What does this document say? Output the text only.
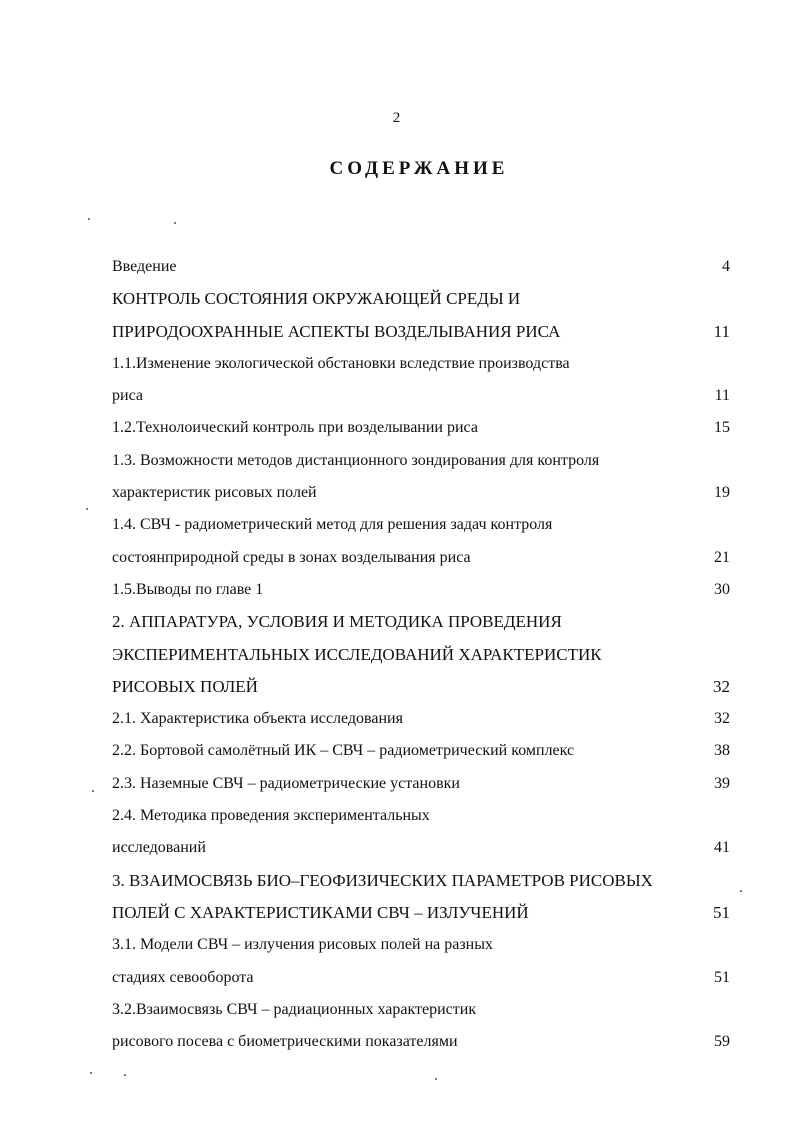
2
СОДЕРЖАНИЕ
Введение	4
КОНТРОЛЬ СОСТОЯНИЯ ОКРУЖАЮЩЕЙ СРЕДЫ И
ПРИРОДООХРАННЫЕ АСПЕКТЫ ВОЗДЕЛЫВАНИЯ РИСА	11
1.1.Изменение экологической обстановки вследствие производства
риса	11
1.2.Технолоический контроль при возделывании риса	15
1.3. Возможности методов дистанционного зондирования для контроля
характеристик рисовых полей	19
1.4. СВЧ - радиометрический метод для решения задач контроля
состоянприродной среды в зонах возделывания риса	21
1.5.Выводы по главе 1	30
2. АППАРАТУРА, УСЛОВИЯ И МЕТОДИКА ПРОВЕДЕНИЯ
ЭКСПЕРИМЕНТАЛЬНЫХ ИССЛЕДОВАНИЙ ХАРАКТЕРИСТИК
РИСОВЫХ ПОЛЕЙ	32
2.1. Характеристика объекта исследования	32
2.2. Бортовой самолётный ИК – СВЧ – радиометрический комплекс	38
2.3. Наземные СВЧ – радиометрические установки	39
2.4. Методика проведения экспериментальных
исследований	41
3. ВЗАИМОСВЯЗЬ БИО–ГЕОФИЗИЧЕСКИХ ПАРАМЕТРОВ РИСОВЫХ
ПОЛЕЙ С ХАРАКТЕРИСТИКАМИ СВЧ – ИЗЛУЧЕНИЙ	51
3.1. Модели СВЧ – излучения рисовых полей на разных
стадиях севооборота	51
3.2.Взаимосвязь СВЧ – радиационных характеристик
рисового посева с биометрическими показателями	59
